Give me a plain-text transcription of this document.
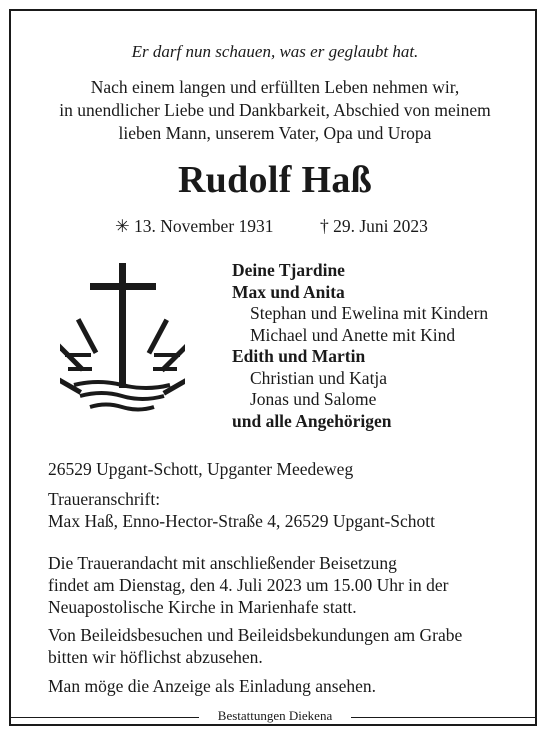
Er darf nun schauen, was er geglaubt hat.
Nach einem langen und erfüllten Leben nehmen wir,
in unendlicher Liebe und Dankbarkeit, Abschied von meinem
lieben Mann, unserem Vater, Opa und Uropa
Rudolf Haß
✳ 13. November 1931	† 29. Juni 2023
Deine Tjardine
Max und Anita
Stephan und Ewelina mit Kindern
Michael und Anette mit Kind
Edith und Martin
Christian und Katja
Jonas und Salome
und alle Angehörigen
26529 Upgant-Schott, Upganter Meedeweg
Traueranschrift:
Max Haß, Enno-Hector-Straße 4, 26529 Upgant-Schott
Die Trauerandacht mit anschließender Beisetzung
findet am Dienstag, den 4. Juli 2023 um 15.00 Uhr in der
Neuapostolische Kirche in Marienhafe statt.
Von Beileidsbesuchen und Beileidsbekundungen am Grabe
bitten wir höflichst abzusehen.
Man möge die Anzeige als Einladung ansehen.
Bestattungen Diekena
